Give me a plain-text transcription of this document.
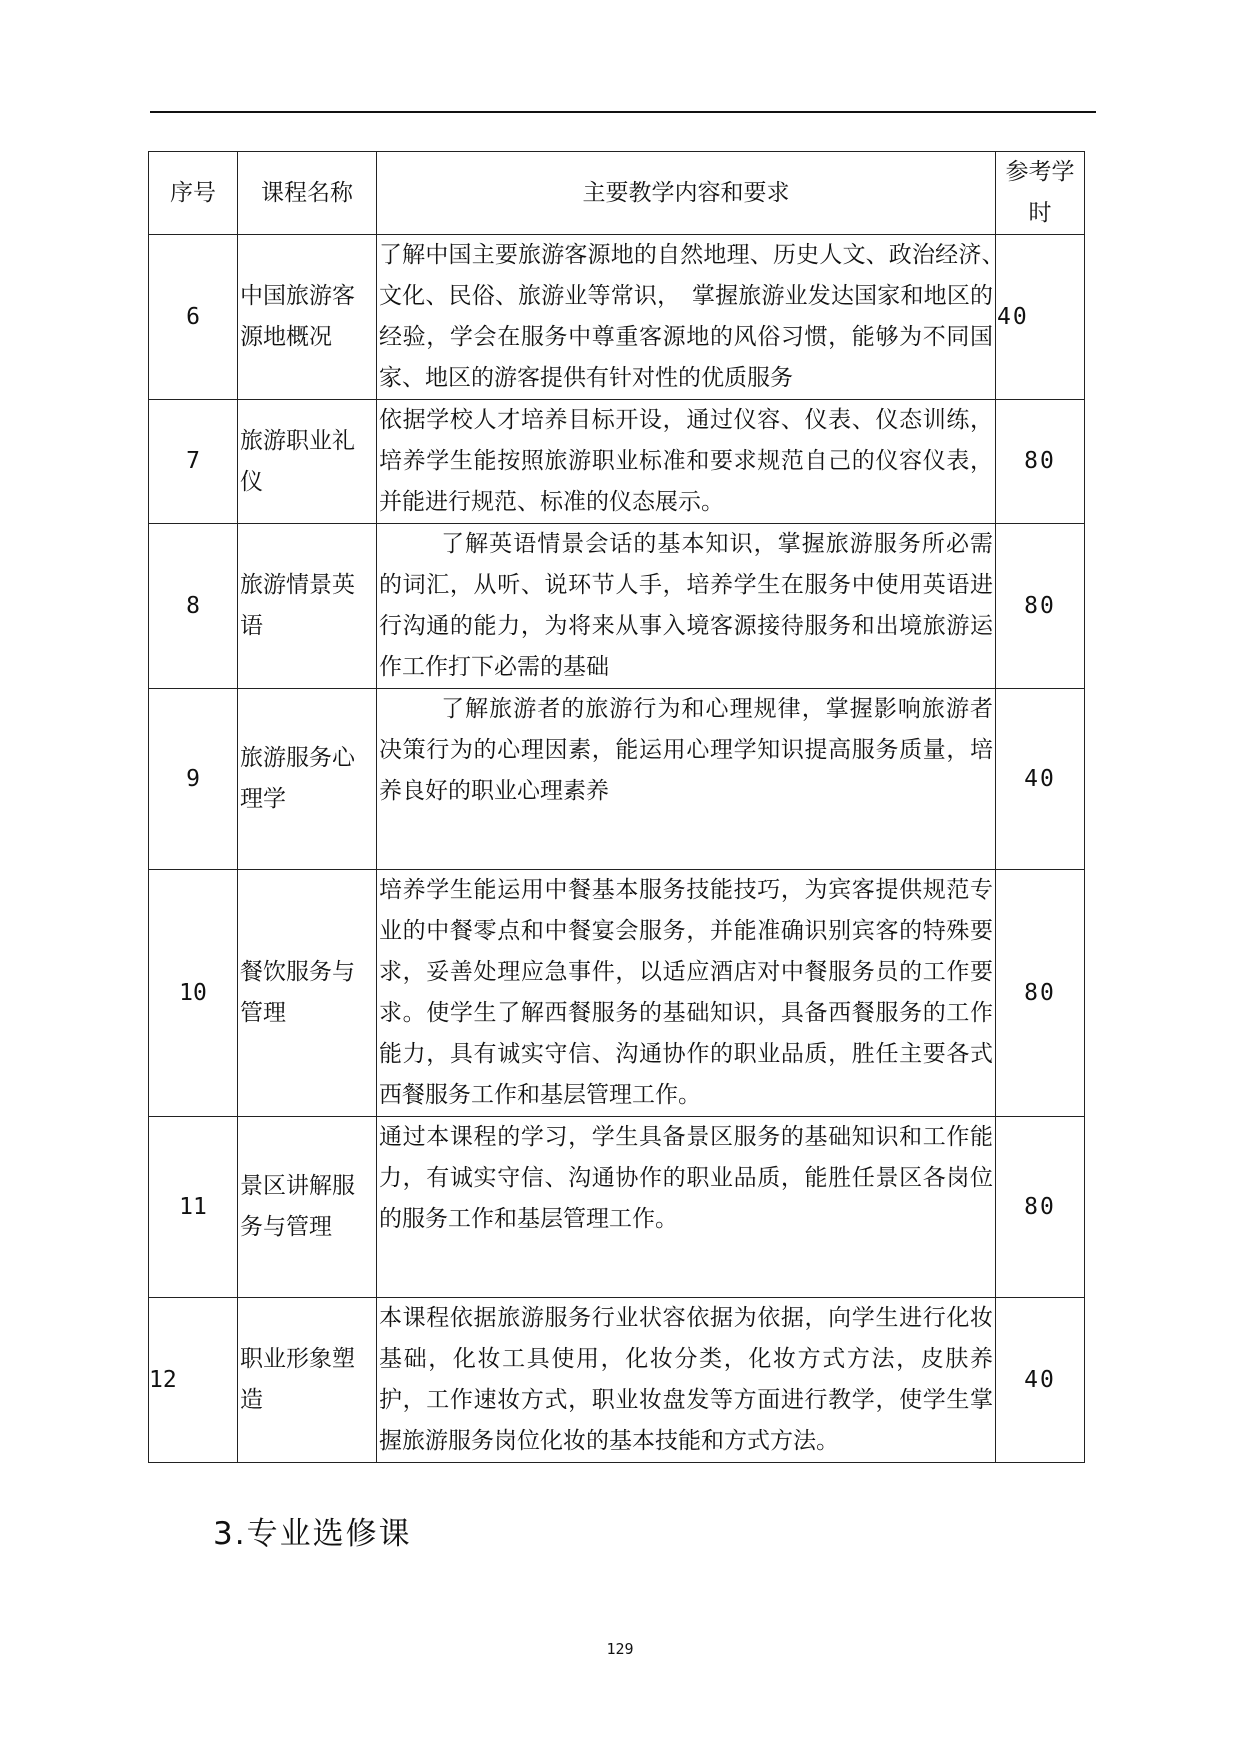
序号	课程名称	主要教学内容和要求	参考学时
6	中国旅游客源地概况	了解中国主要旅游客源地的自然地理、历史人文、政治经济、　文化、民俗、旅游业等常识，　掌握旅游业发达国家和地区的经验，学会在服务中尊重客源地的风俗习惯，能够为不同国家、地区的游客提供有针对性的优质服务	40
7	旅游职业礼仪	依据学校人才培养目标开设，通过仪容、仪表、仪态训练，培养学生能按照旅游职业标准和要求规范自己的仪容仪表，并能进行规范、标准的仪态展示。	80
8	旅游情景英语	了解英语情景会话的基本知识，掌握旅游服务所必需的词汇，从听、说环节人手，培养学生在服务中使用英语进行沟通的能力，为将来从事入境客源接待服务和出境旅游运作工作打下必需的基础	80
9	旅游服务心理学	了解旅游者的旅游行为和心理规律，掌握影响旅游者决策行为的心理因素，能运用心理学知识提高服务质量，培养良好的职业心理素养	40
10	餐饮服务与管理	培养学生能运用中餐基本服务技能技巧，为宾客提供规范专业的中餐零点和中餐宴会服务，并能准确识别宾客的特殊要求，妥善处理应急事件，以适应酒店对中餐服务员的工作要求。使学生了解西餐服务的基础知识，具备西餐服务的工作能力，具有诚实守信、沟通协作的职业品质，胜任主要各式西餐服务工作和基层管理工作。	80
11	景区讲解服务与管理	通过本课程的学习，学生具备景区服务的基础知识和工作能力，有诚实守信、沟通协作的职业品质，能胜任景区各岗位的服务工作和基层管理工作。	80
12	职业形象塑造	本课程依据旅游服务行业状容依据为依据，向学生进行化妆基础，化妆工具使用，化妆分类，化妆方式方法，皮肤养护，工作速妆方式，职业妆盘发等方面进行教学，使学生掌握旅游服务岗位化妆的基本技能和方式方法。	40
3.专业选修课
129
